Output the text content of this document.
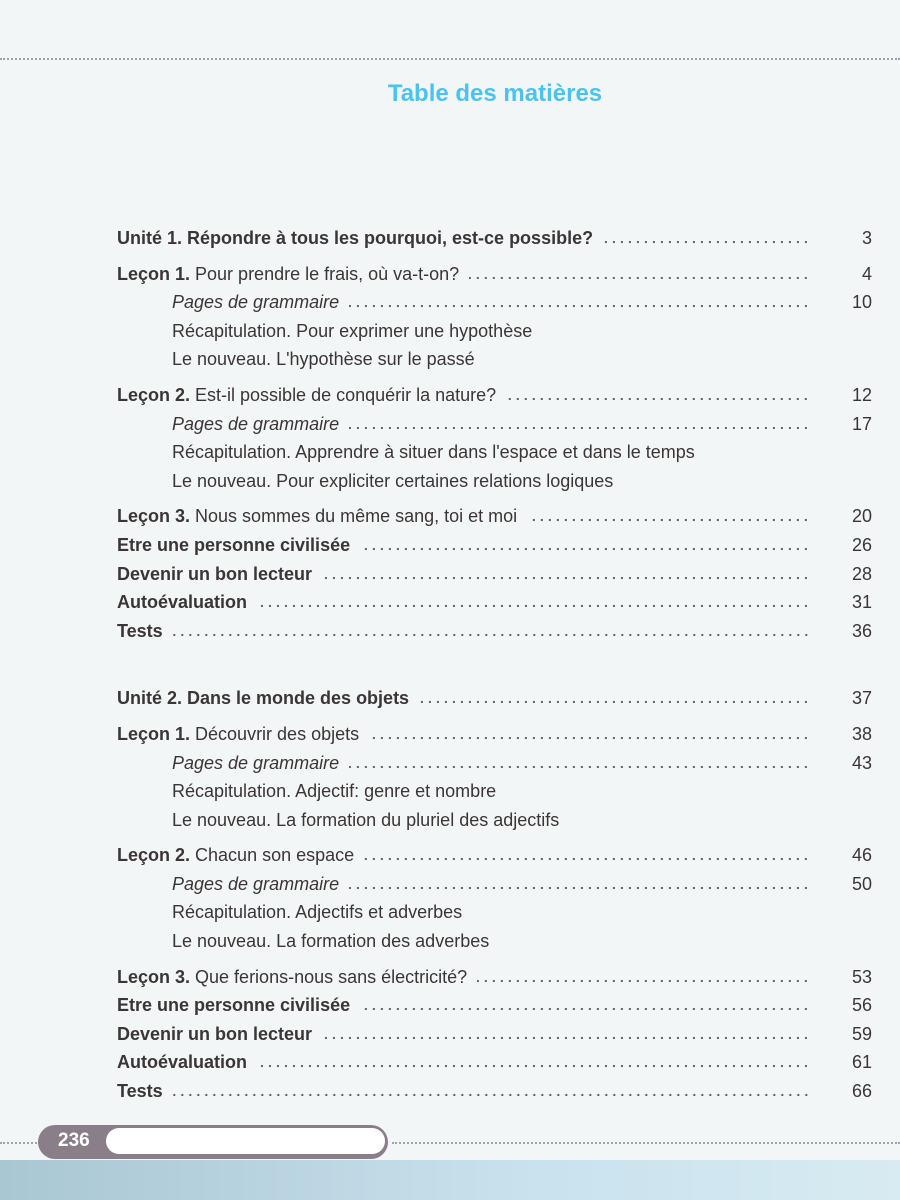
Table des matières
Unité 1. Répondre à tous les pourquoi, est-ce possible?	3
Leçon 1. Pour prendre le frais, où va-t-on?	4
Pages de grammaire	10
Récapitulation. Pour exprimer une hypothèse
Le nouveau. L'hypothèse sur le passé
Leçon 2. Est-il possible de conquérir la nature?	12
Pages de grammaire	17
Récapitulation. Apprendre à situer dans l'espace et dans le temps
Le nouveau. Pour expliciter certaines relations logiques
Leçon 3. Nous sommes du même sang, toi et moi	20
Etre une personne civilisée	26
Devenir un bon lecteur	28
Autoévaluation	31
Tests	36
Unité 2. Dans le monde des objets	37
Leçon 1. Découvrir des objets	38
Pages de grammaire	43
Récapitulation. Adjectif: genre et nombre
Le nouveau. La formation du pluriel des adjectifs
Leçon 2. Chacun son espace	46
Pages de grammaire	50
Récapitulation. Adjectifs et adverbes
Le nouveau. La formation des adverbes
Leçon 3. Que ferions-nous sans électricité?	53
Etre une personne civilisée	56
Devenir un bon lecteur	59
Autoévaluation	61
Tests	66
236
